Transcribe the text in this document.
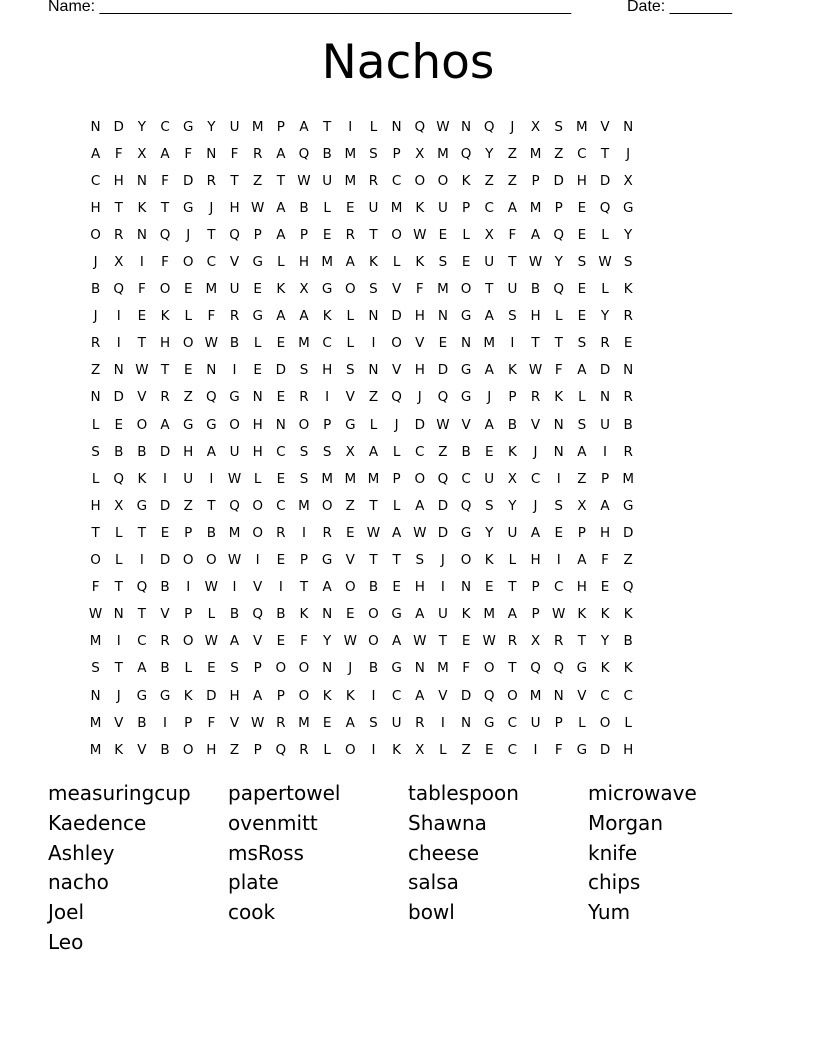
Name: _____________________________________________________	Date: _______
Nachos
N D	Y	C G	Y	U M P	A	T	I	L	N Q W N Q	J	X	S M V N
A	F	X	A	F	N	F	R	A Q B M S	P	X M Q	Y	Z M Z	C	T	J
C H N	F	D R	T	Z	T W U M R	C O O K	Z	Z	P	D H D X
H	T	K	T	G	J	H W A	B	L	E	U M K	U	P	C	A M P	E	Q G
O R N Q	J	T	Q	P	A	P	E	R	T	O W E	L	X	F	A Q	E	L	Y
J	X	I	F	O C	V G	L	H M A	K	L	K	S	E	U	T W Y	S W S
B Q	F	O	E M U	E	K	X G O	S	V	F M O	T	U	B Q	E	L	K
J	I	E	K	L	F	R G A	A	K	L	N D H N G A	S	H	L	E	Y	R
R	I	T	H O W B	L	E M C	L	I	O V	E	N M	I	T	T	S	R	E
Z N W T	E	N	I	E	D	S	H	S	N V H D G A	K W F	A D N
N D V	R	Z Q G N	E	R	I	V	Z Q	J	Q G	J	P	R	K	L	N R
L	E	O A G G O H N O	P	G	L	J	D W V	A	B	V N	S	U	B
S	B	B D H A	U H C	S	S	X	A	L	C	Z	B	E	K	J	N A	I	R
L	Q K	I	U	I	W L	E	S M M M P	O Q C U	X	C	I	Z	P M
H X G D Z	T	Q O C M O Z	T	L	A D Q	S	Y	J	S	X	A G
T	L	T	E	P	B M O R	I	R	E W A W D G	Y	U	A	E	P	H D
O	L	I	D O O W	I	E	P	G V	T	T	S	J	O K	L	H	I	A	F	Z
F	T	Q B	I	W	I	V	I	T	A O B	E	H	I	N	E	T	P	C H	E	Q
W N	T	V	P	L	B Q B	K	N	E	O G A	U	K M A	P W K	K	K
M	I	C	R O W A	V	E	F	Y W O A W T	E W R	X	R	T	Y	B
S	T	A	B	L	E	S	P	O O N	J	B G N M F	O	T	Q Q G K	K
N	J	G G K	D H A	P	O K	K	I	C	A	V D Q O M N V	C	C
M V	B	I	P	F	V W R M E	A	S	U	R	I	N G C U	P	L	O	L
M K	V	B O H Z	P	Q R	L	O	I	K	X	L	Z	E	C	I	F	G D H
measuringcup	papertowel	tablespoon	microwave
Kaedence	ovenmitt	Shawna	Morgan
Ashley	msRoss	cheese	knife
nacho	plate	salsa	chips
Joel	cook	bowl	Yum
Leo
